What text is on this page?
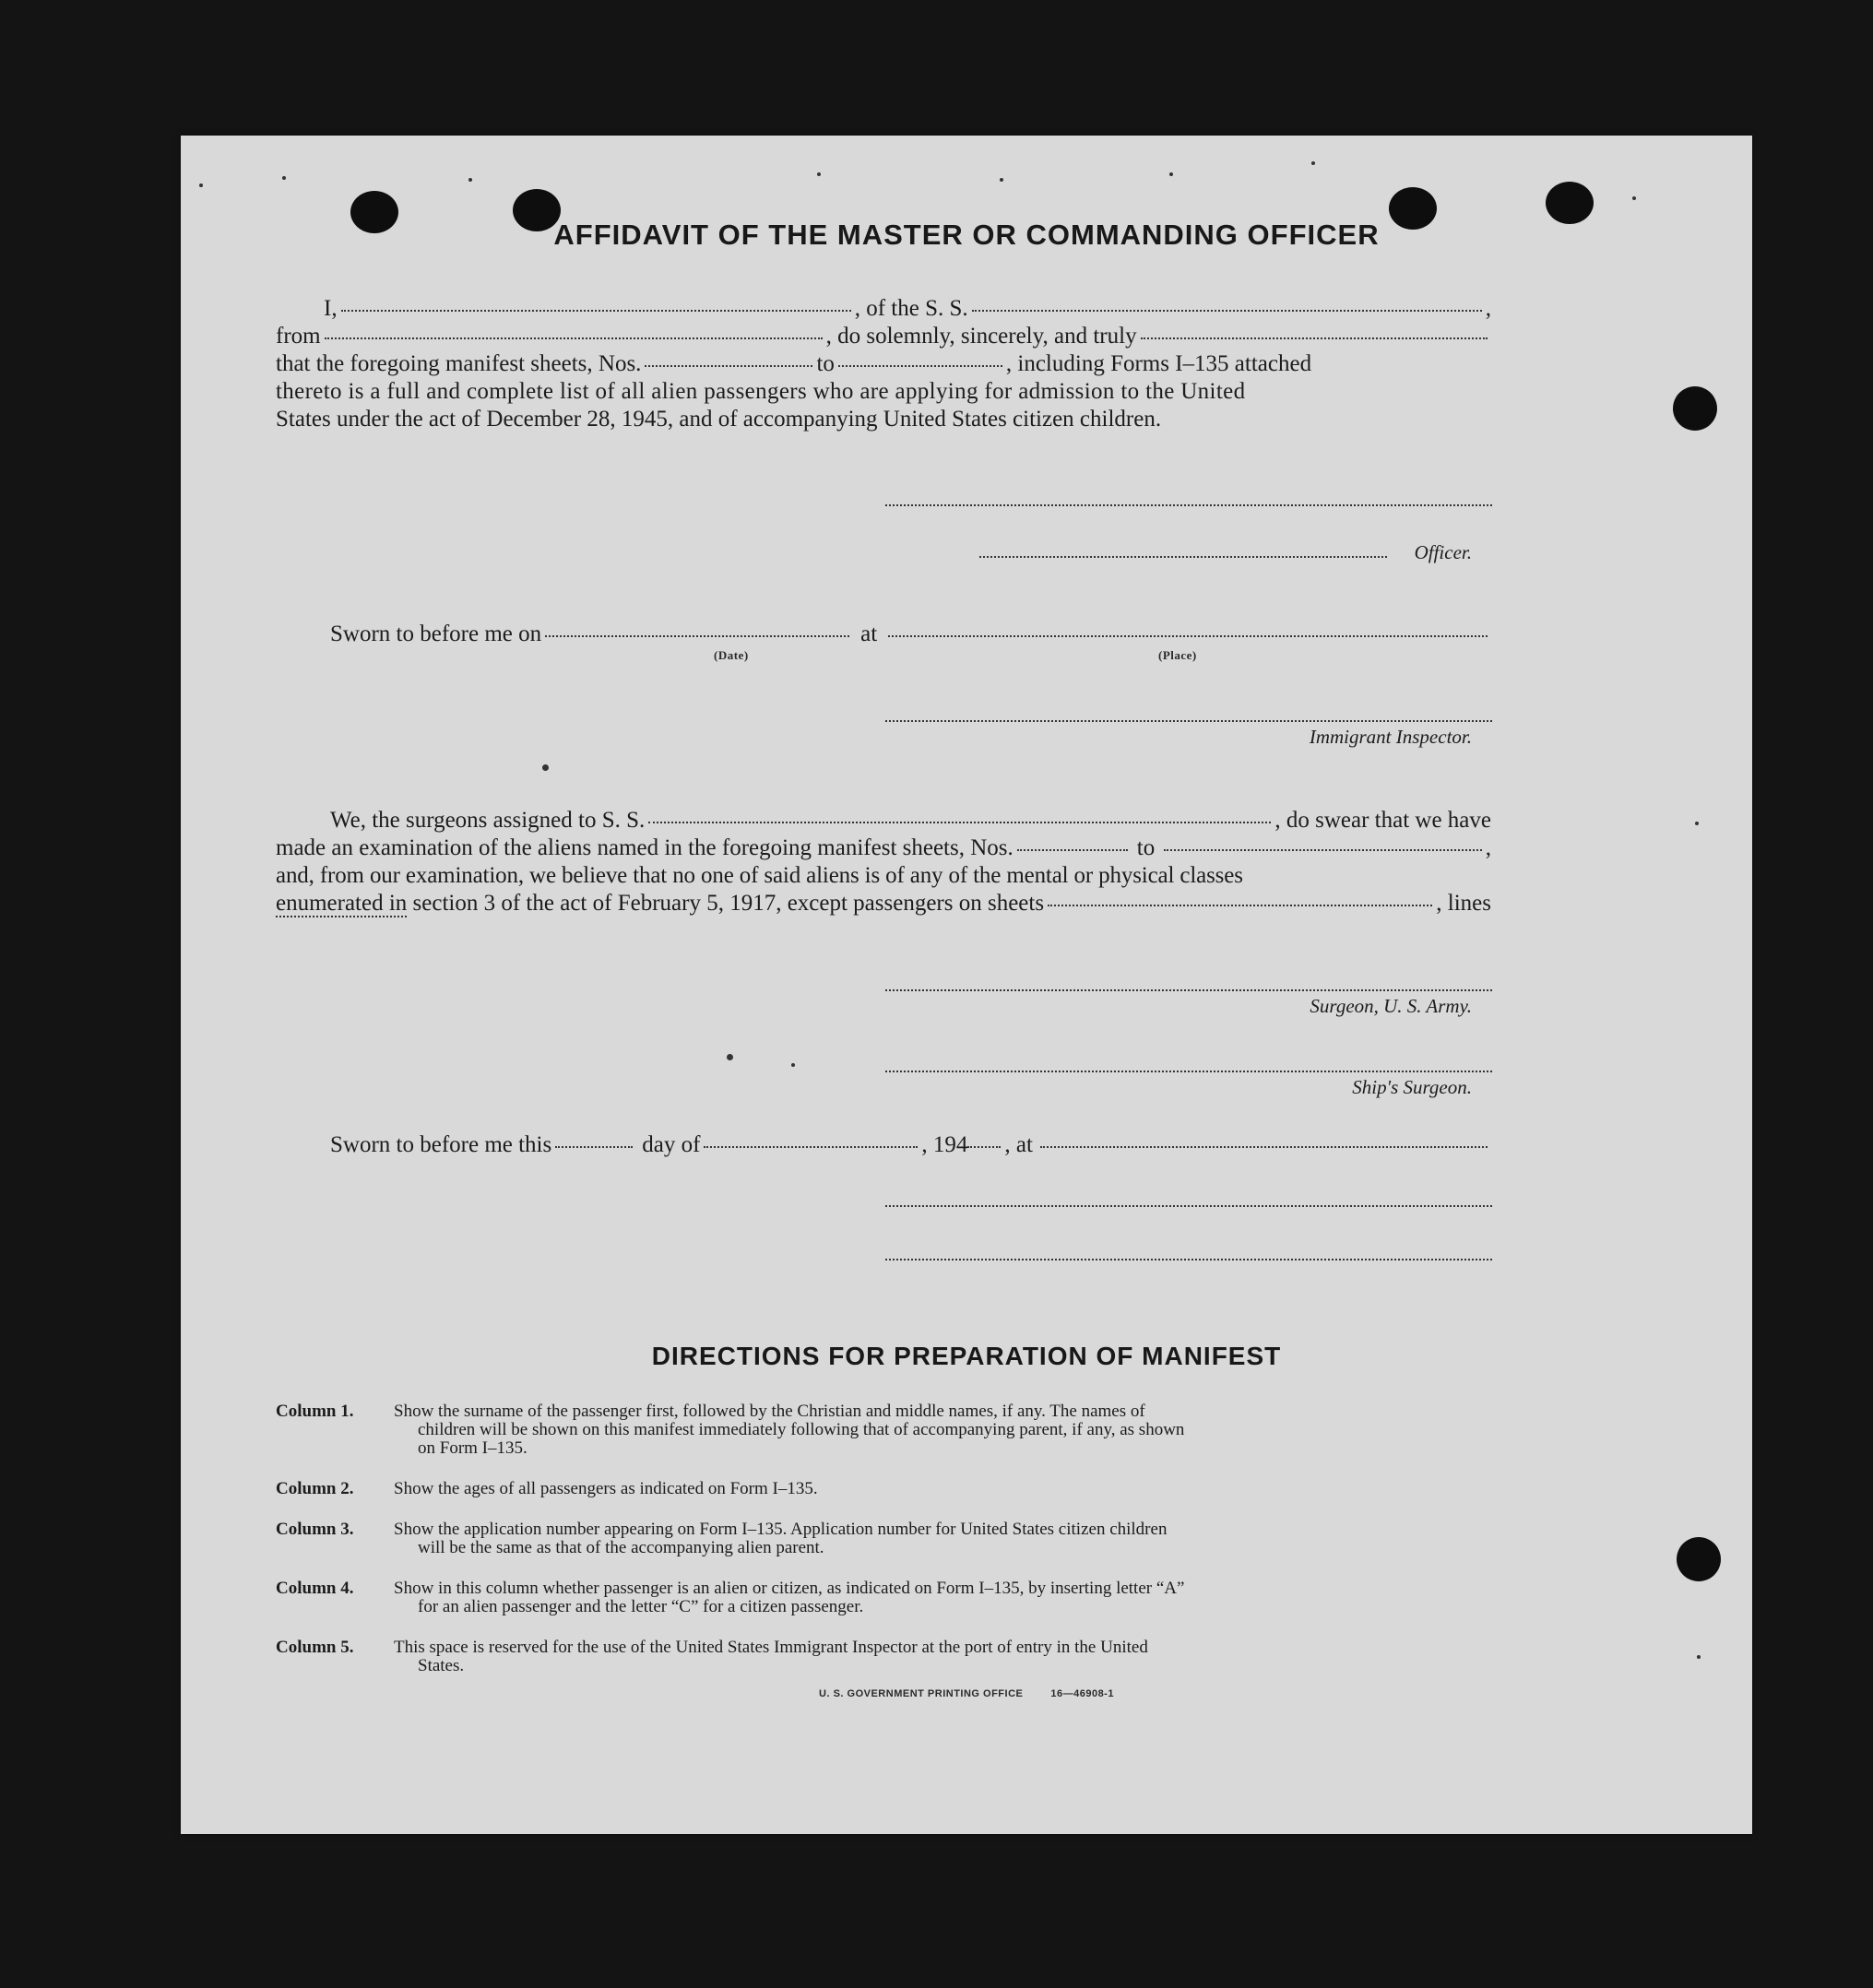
AFFIDAVIT OF THE MASTER OR COMMANDING OFFICER
I,	, of the S. S.	,
from	, do solemnly, sincerely, and truly
that the foregoing manifest sheets, Nos.	to	, including Forms I–135 attached
thereto is a full and complete list of all alien passengers who are applying for admission to the United
States under the act of December 28, 1945, and of accompanying United States citizen children.
Officer.
Sworn to before me on	at
(Date)	(Place)
Immigrant Inspector.
We, the surgeons assigned to S. S.	, do swear that we have
made an examination of the aliens named in the foregoing manifest sheets, Nos.	to	,
and, from our examination, we believe that no one of said aliens is of any of the mental or physical classes
enumerated in section 3 of the act of February 5, 1917, except passengers on sheets	, lines
Surgeon, U. S. Army.
Ship's Surgeon.
Sworn to before me this	day of	, 194 , at
DIRECTIONS FOR PREPARATION OF MANIFEST
Column 1.	Show the surname of the passenger first, followed by the Christian and middle names, if any. The names of
children will be shown on this manifest immediately following that of accompanying parent, if any, as shown
on Form I–135.
Column 2.	Show the ages of all passengers as indicated on Form I–135.
Column 3.	Show the application number appearing on Form I–135. Application number for United States citizen children
will be the same as that of the accompanying alien parent.
Column 4.	Show in this column whether passenger is an alien or citizen, as indicated on Form I–135, by inserting letter “A”
for an alien passenger and the letter “C” for a citizen passenger.
Column 5.	This space is reserved for the use of the United States Immigrant Inspector at the port of entry in the United
States.
U. S. GOVERNMENT PRINTING OFFICE	16—46908-1
